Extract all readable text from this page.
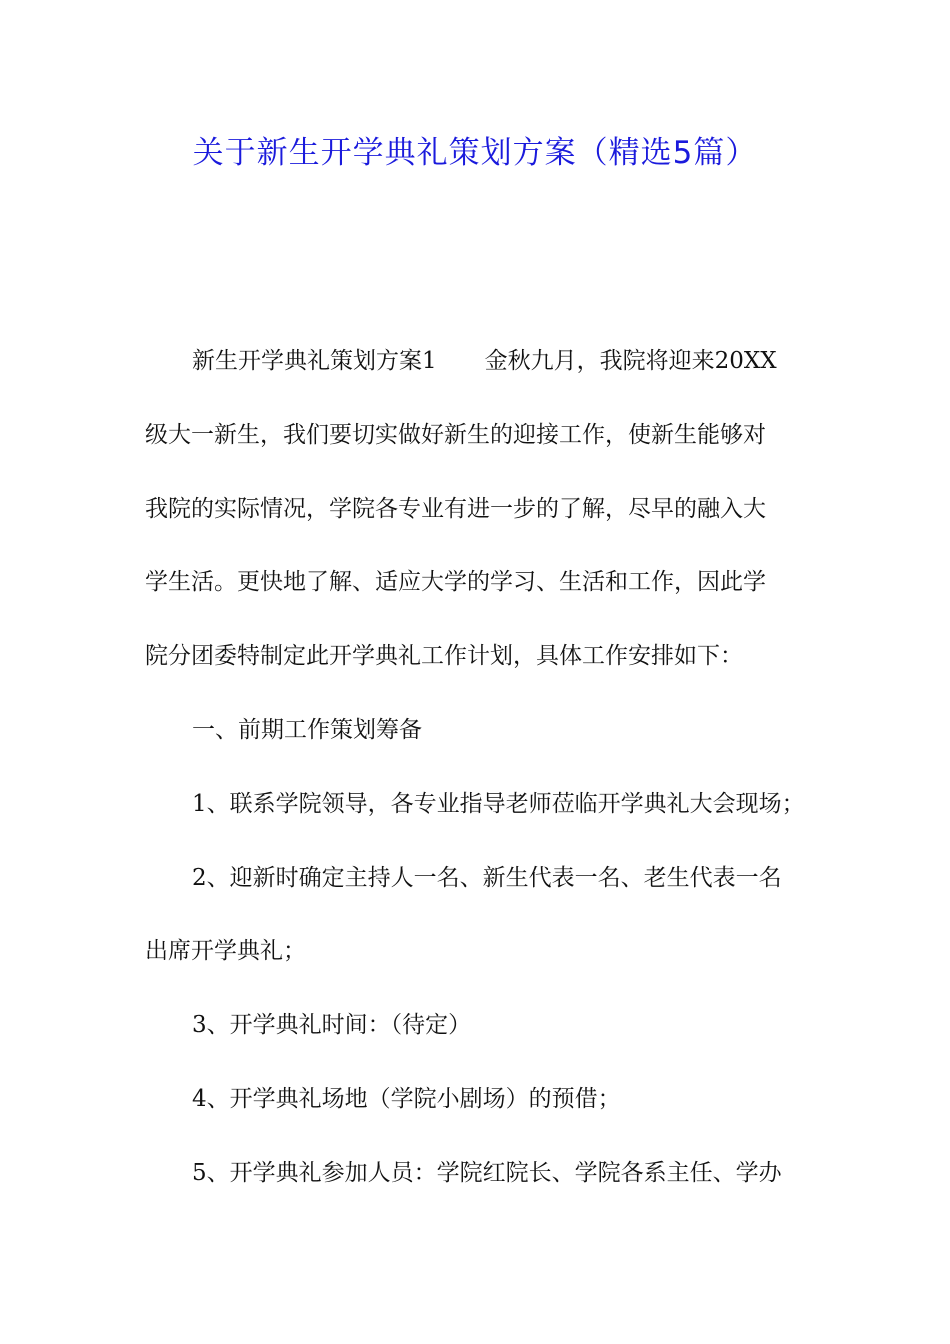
关于新生开学典礼策划方案（精选5篇）
新生开学典礼策划方案1 金秋九月，我院将迎来20XX
级大一新生，我们要切实做好新生的迎接工作，使新生能够对
我院的实际情况，学院各专业有进一步的了解，尽早的融入大
学生活。更快地了解、适应大学的学习、生活和工作，因此学
院分团委特制定此开学典礼工作计划，具体工作安排如下：
一、前期工作策划筹备
1、联系学院领导，各专业指导老师莅临开学典礼大会现场；
2、迎新时确定主持人一名、新生代表一名、老生代表一名
出席开学典礼；
3、开学典礼时间：（待定）
4、开学典礼场地（学院小剧场）的预借；
5、开学典礼参加人员：学院红院长、学院各系主任、学办
